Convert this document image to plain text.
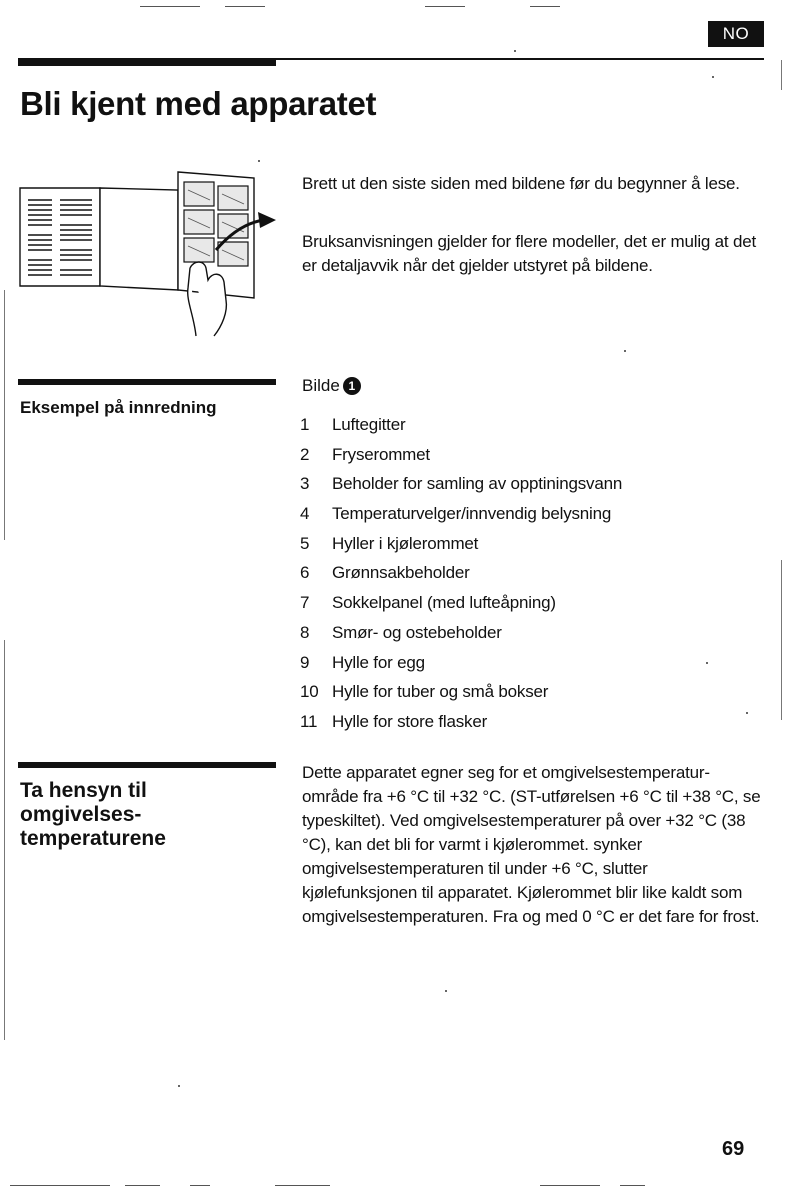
NO
Bli kjent med apparatet

Brett ut den siste siden med bildene før du begynner å lese.

Bruksanvisningen gjelder for flere modeller, det er mulig at det er detaljavvik når det gjelder utstyret på bildene.

Eksempel på innredning
Bilde 1
1	Luftegitter
2	Fryserommet
3	Beholder for samling av opptiningsvann
4	Temperaturvelger/innvendig belysning
5	Hyller i kjølerommet
6	Grønnsakbeholder
7	Sokkelpanel (med lufteåpning)
8	Smør- og ostebeholder
9	Hylle for egg
10 Hylle for tuber og små bokser
11 Hylle for store flasker
Ta hensyn til
omgivelses-
temperaturene

Dette apparatet egner seg for et omgivelsestemperatur-område fra +6 °C til +32 °C. (ST-utførelsen +6 °C til +38 °C, se typeskiltet). Ved omgivelsestemperaturer på over +32 °C (38 °C), kan det bli for varmt i kjølerommet. synker omgivelsestemperaturen til under +6 °C, slutter kjølefunksjonen til apparatet. Kjølerommet blir like kaldt som omgivelsestemperaturen. Fra og med 0 °C er det fare for frost.

69
